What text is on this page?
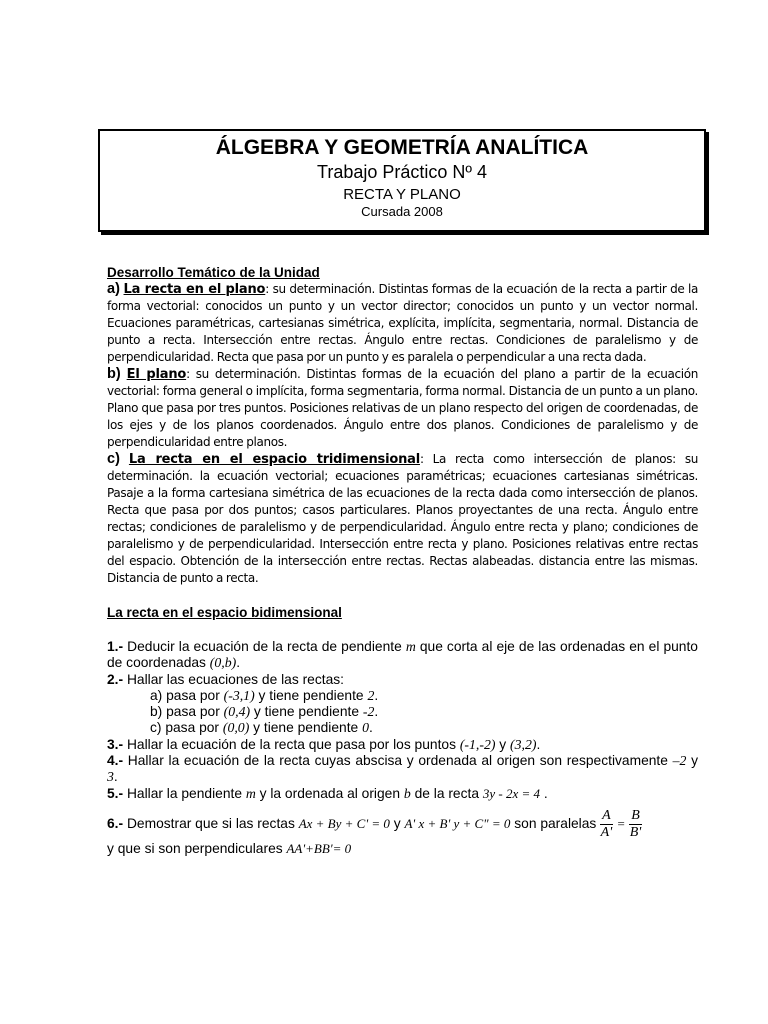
ÁLGEBRA Y GEOMETRÍA ANALÍTICA
Trabajo Práctico Nº 4
RECTA Y PLANO
Cursada 2008
Desarrollo Temático de la Unidad
a) La recta en el plano: su determinación. Distintas formas de la ecuación de la recta a partir de la forma vectorial: conocidos un punto y un vector director; conocidos un punto y un vector normal. Ecuaciones paramétricas, cartesianas simétrica, explícita, implícita, segmentaria, normal. Distancia de punto a recta. Intersección entre rectas. Ángulo entre rectas. Condiciones de paralelismo y de perpendicularidad. Recta que pasa por un punto y es paralela o perpendicular a una recta dada.
b) El plano: su determinación. Distintas formas de la ecuación del plano a partir de la ecuación vectorial: forma general o implícita, forma segmentaria, forma normal. Distancia de un punto a un plano. Plano que pasa por tres puntos. Posiciones relativas de un plano respecto del origen de coordenadas, de los ejes y de los planos coordenados. Ángulo entre dos planos. Condiciones de paralelismo y de perpendicularidad entre planos.
c) La recta en el espacio tridimensional: La recta como intersección de planos: su determinación. la ecuación vectorial; ecuaciones paramétricas; ecuaciones cartesianas simétricas. Pasaje a la forma cartesiana simétrica de las ecuaciones de la recta dada como intersección de planos. Recta que pasa por dos puntos; casos particulares. Planos proyectantes de una recta. Ángulo entre rectas; condiciones de paralelismo y de perpendicularidad. Ángulo entre recta y plano; condiciones de paralelismo y de perpendicularidad. Intersección entre recta y plano. Posiciones relativas entre rectas del espacio. Obtención de la intersección entre rectas. Rectas alabeadas. distancia entre las mismas. Distancia de punto a recta.
La recta en el espacio bidimensional
1.- Deducir la ecuación de la recta de pendiente m que corta al eje de las ordenadas en el punto de coordenadas (0,b).
2.- Hallar las ecuaciones de las rectas:
a) pasa por (-3,1) y tiene pendiente 2.
b) pasa por (0,4) y tiene pendiente -2.
c) pasa por (0,0) y tiene pendiente 0.
3.- Hallar la ecuación de la recta que pasa por los puntos (-1,-2) y (3,2).
4.- Hallar la ecuación de la recta cuyas abscisa y ordenada al origen son respectivamente –2 y 3.
5.- Hallar la pendiente m y la ordenada al origen b de la recta 3y - 2x = 4 .
6.- Demostrar que si las rectas Ax + By + C' = 0 y A' x + B' y + C" = 0 son paralelas $\frac{A}{A'} = \frac{B}{B'}$
y que si son perpendiculares AA'+BB'= 0
